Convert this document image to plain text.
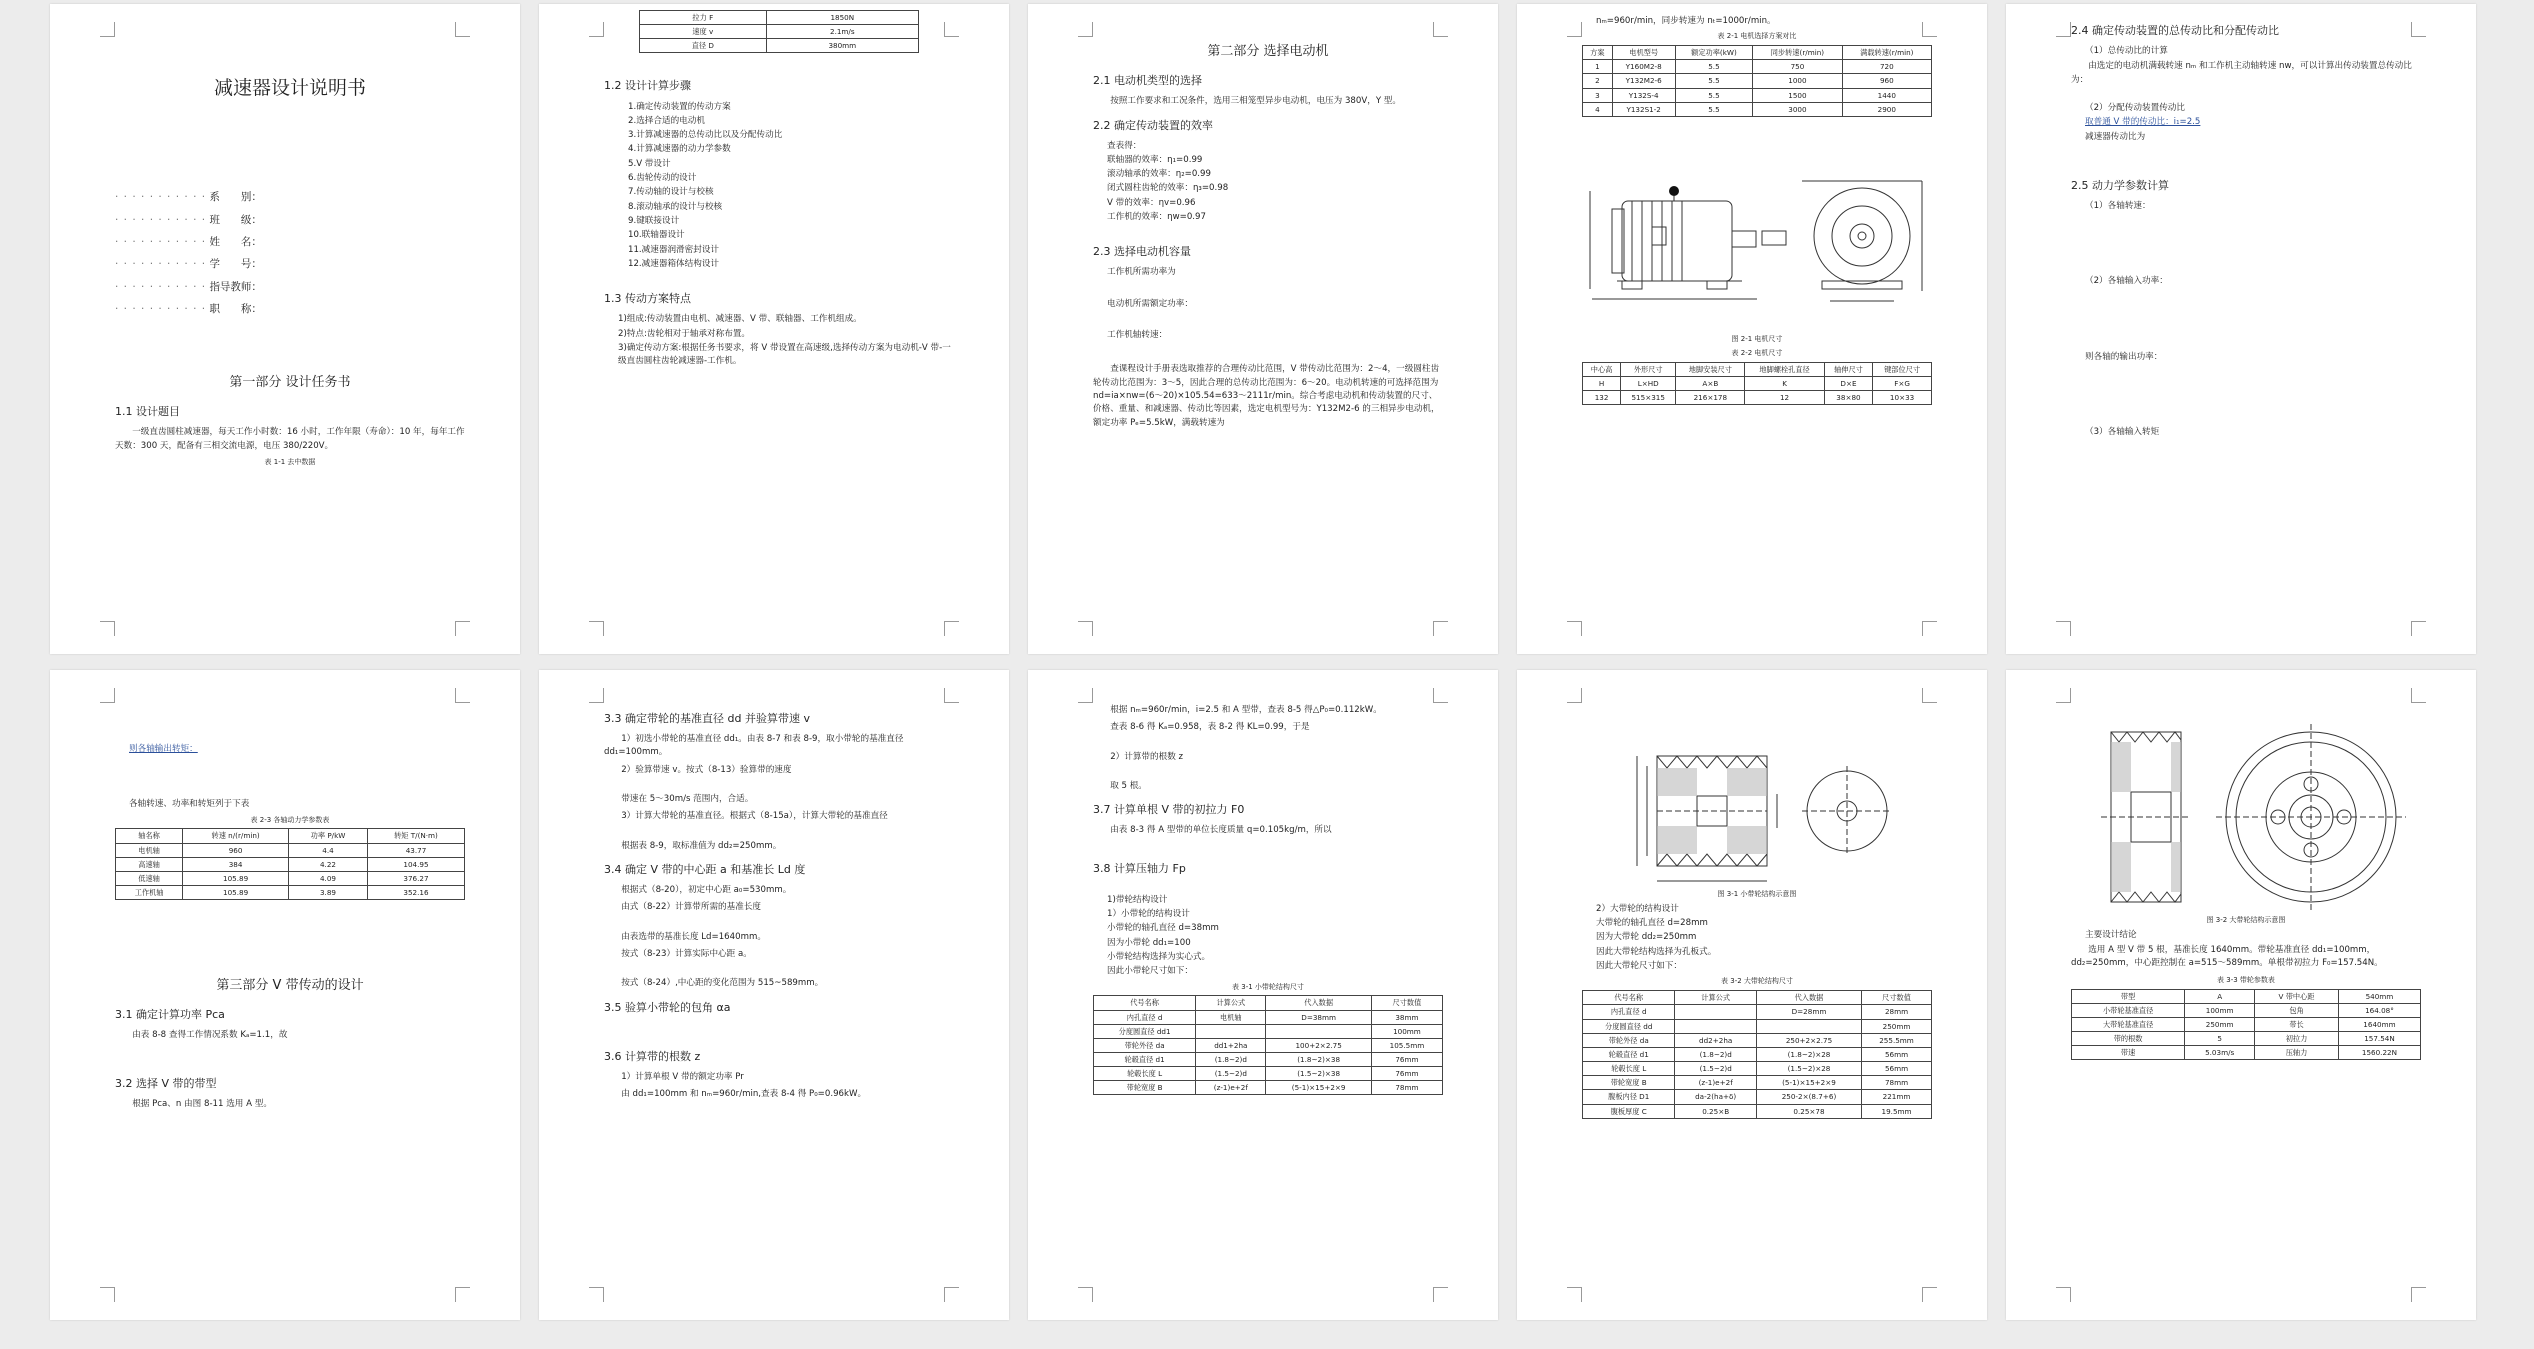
减速器设计说明书
· · · · · · · · · · · 系　　别：
· · · · · · · · · · · 班　　级：
· · · · · · · · · · · 姓　　名：
· · · · · · · · · · · 学　　号：
· · · · · · · · · · · 指导教师：
· · · · · · · · · · · 职　　称：
第一部分 设计任务书
1.1 设计题目
一级直齿圆柱减速器，每天工作小时数：16 小时，工作年限（寿命）：10 年，每年工作天数：300 天，配备有三相交流电源，电压 380/220V。
表 1-1 去中数据
拉力 F	1850N
速度 v	2.1m/s
直径 D	380mm
1.2 设计计算步骤
1.确定传动装置的传动方案
2.选择合适的电动机
3.计算减速器的总传动比以及分配传动比
4.计算减速器的动力学参数
5.V 带设计
6.齿轮传动的设计
7.传动轴的设计与校核
8.滚动轴承的设计与校核
9.键联接设计
10.联轴器设计
11.减速器润滑密封设计
12.减速器箱体结构设计
1.3 传动方案特点
1)组成:传动装置由电机、减速器、V 带、联轴器、工作机组成。
2)特点:齿轮相对于轴承对称布置。
3)确定传动方案:根据任务书要求，将 V 带设置在高速级,选择传动方案为电动机-V 带-一级直齿圆柱齿轮减速器-工作机。
第二部分 选择电动机
2.1 电动机类型的选择
按照工作要求和工况条件，选用三相笼型异步电动机，电压为 380V，Y 型。
2.2 确定传动装置的效率
查表得：
联轴器的效率：η₁=0.99
滚动轴承的效率：η₂=0.99
闭式圆柱齿轮的效率：η₃=0.98
V 带的效率：ηv=0.96
工作机的效率：ηw=0.97
2.3 选择电动机容量
工作机所需功率为
电动机所需额定功率：
工作机轴转速：
查课程设计手册表选取推荐的合理传动比范围，V 带传动比范围为：2～4，一级圆柱齿轮传动比范围为：3～5，因此合理的总传动比范围为：6～20。电动机转速的可选择范围为 nd=ia×nw=(6～20)×105.54=633～2111r/min。综合考虑电动机和传动装置的尺寸、价格、重量、和减速器、传动比等因素，选定电机型号为：Y132M2-6 的三相异步电动机，额定功率 Pₑ=5.5kW，满载转速为
nₘ=960r/min，同步转速为 nₜ=1000r/min。
表 2-1 电机选择方案对比
方案	电机型号	额定功率(kW)	同步转速(r/min)	满载转速(r/min)
1	Y160M2-8	5.5	750	720
2	Y132M2-6	5.5	1000	960
3	Y132S-4	5.5	1500	1440
4	Y132S1-2	5.5	3000	2900
图 2-1 电机尺寸
表 2-2 电机尺寸
中心高	外形尺寸	地脚安装尺寸	地脚螺栓孔直径	轴伸尺寸	键部位尺寸
H	L×HD	A×B	K	D×E	F×G
132	515×315	216×178	12	38×80	10×33
2.4 确定传动装置的总传动比和分配传动比
（1）总传动比的计算
由选定的电动机满载转速 nₘ 和工作机主动轴转速 nw，可以计算出传动装置总传动比为：
（2）分配传动装置传动比
取普通 V 带的传动比：i₁=2.5
减速器传动比为
2.5 动力学参数计算
（1）各轴转速：
（2）各轴输入功率：
则各轴的输出功率：
（3）各轴输入转矩
则各轴输出转矩：
各轴转速、功率和转矩列于下表
表 2-3 各轴动力学参数表
轴名称	转速 n/(r/min)	功率 P/kW	转矩 T/(N·m)
电机轴	960	4.4	43.77
高速轴	384	4.22	104.95
低速轴	105.89	4.09	376.27
工作机轴	105.89	3.89	352.16
第三部分 V 带传动的设计
3.1 确定计算功率 Pca
由表 8-8 查得工作情况系数 Kₐ=1.1，故
3.2 选择 V 带的带型
根据 Pca、n 由图 8-11 选用 A 型。
3.3 确定带轮的基准直径 dd 并验算带速 v
1）初选小带轮的基准直径 dd₁。由表 8-7 和表 8-9，取小带轮的基准直径 dd₁=100mm。
2）验算带速 v。按式（8-13）验算带的速度
带速在 5～30m/s 范围内，合适。
3）计算大带轮的基准直径。根据式（8-15a），计算大带轮的基准直径
根据表 8-9，取标准值为 dd₂=250mm。
3.4 确定 V 带的中心距 a 和基准长 Ld 度
根据式（8-20），初定中心距 a₀=530mm。
由式（8-22）计算带所需的基准长度
由表选带的基准长度 Ld=1640mm。
按式（8-23）计算实际中心距 a。
按式（8-24）,中心距的变化范围为 515~589mm。
3.5 验算小带轮的包角 αa
3.6 计算带的根数 z
1）计算单根 V 带的额定功率 Pr
由 dd₁=100mm 和 nₘ=960r/min,查表 8-4 得 P₀=0.96kW。
根据 nₘ=960r/min，i=2.5 和 A 型带，查表 8-5 得△P₀=0.112kW。
查表 8-6 得 Kₐ=0.958，表 8-2 得 KL=0.99，于是
2）计算带的根数 z
取 5 根。
3.7 计算单根 V 带的初拉力 F0
由表 8-3 得 A 型带的单位长度质量 q=0.105kg/m，所以
3.8 计算压轴力 Fp
1)带轮结构设计
1）小带轮的结构设计
小带轮的轴孔直径 d=38mm
因为小带轮 dd₁=100
小带轮结构选择为实心式。
因此小带轮尺寸如下：
表 3-1 小带轮结构尺寸
代号名称	计算公式	代入数据	尺寸数值
内孔直径 d	电机轴	D=38mm	38mm
分度圆直径 dd1			100mm
带轮外径 da	dd1+2ha	100+2×2.75	105.5mm
轮毂直径 d1	(1.8~2)d	(1.8~2)×38	76mm
轮毂长度 L	(1.5~2)d	(1.5~2)×38	76mm
带轮宽度 B	(z-1)e+2f	(5-1)×15+2×9	78mm
图 3-1 小带轮结构示意图
2）大带轮的结构设计
大带轮的轴孔直径 d=28mm
因为大带轮 dd₂=250mm
因此大带轮结构选择为孔板式。
因此大带轮尺寸如下：
表 3-2 大带轮结构尺寸
代号名称	计算公式	代入数据	尺寸数值
内孔直径 d		D=28mm	28mm
分度圆直径 dd			250mm
带轮外径 da	dd2+2ha	250+2×2.75	255.5mm
轮毂直径 d1	(1.8~2)d	(1.8~2)×28	56mm
轮毂长度 L	(1.5~2)d	(1.5~2)×28	56mm
带轮宽度 B	(z-1)e+2f	(5-1)×15+2×9	78mm
腹板内径 D1	da-2(ha+δ)	250-2×(8.7+6)	221mm
腹板厚度 C	0.25×B	0.25×78	19.5mm
图 3-2 大带轮结构示意图
主要设计结论
选用 A 型 V 带 5 根，基准长度 1640mm。带轮基准直径 dd₁=100mm，dd₂=250mm，中心距控制在 a=515～589mm。单根带初拉力 F₀=157.54N。
表 3-3 带轮参数表
带型	A	V 带中心距	540mm
小带轮基准直径	100mm	包角	164.08°
大带轮基准直径	250mm	带长	1640mm
带的根数	5	初拉力	157.54N
带速	5.03m/s	压轴力	1560.22N
